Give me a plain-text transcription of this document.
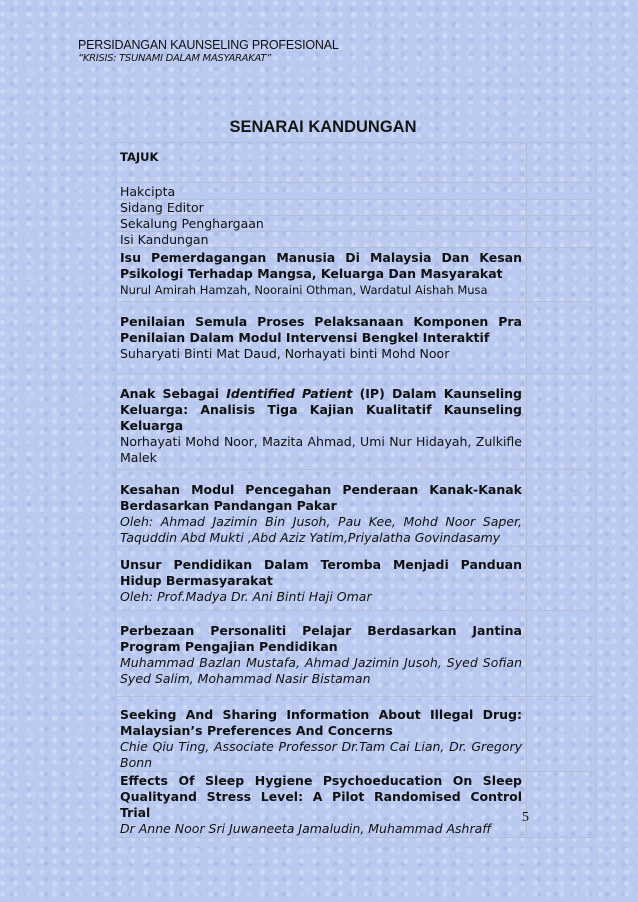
PERSIDANGAN KAUNSELING PROFESIONAL
“KRISIS: TSUNAMI DALAM MASYARAKAT”
SENARAI KANDUNGAN
TAJUK	

Hakcipta	

Sidang Editor	

Sekalung Penghargaan	

Isi Kandungan	

Isu Pemerdagangan Manusia Di Malaysia Dan Kesan Psikologi Terhadap Mangsa, Keluarga Dan Masyarakat
Nurul Amirah Hamzah, Nooraini Othman, Wardatul Aishah Musa	

Penilaian Semula Proses Pelaksanaan Komponen Pra Penilaian Dalam Modul Intervensi Bengkel Interaktif
Suharyati Binti Mat Daud, Norhayati binti Mohd Noor	

Anak Sebagai Identified Patient (IP) Dalam Kaunseling Keluarga: Analisis Tiga Kajian Kualitatif Kaunseling Keluarga
Norhayati Mohd Noor, Mazita Ahmad, Umi Nur Hidayah, Zulkifle Malek	

Kesahan Modul Pencegahan Penderaan Kanak-Kanak Berdasarkan Pandangan Pakar
Oleh: Ahmad Jazimin Bin Jusoh, Pau Kee, Mohd Noor Saper, Taquddin Abd Mukti ,Abd Aziz Yatim,Priyalatha Govindasamy	

Unsur Pendidikan Dalam Teromba Menjadi Panduan Hidup Bermasyarakat
Oleh: Prof.Madya Dr. Ani Binti Haji Omar	

Perbezaan Personaliti Pelajar Berdasarkan Jantina Program Pengajian Pendidikan
Muhammad Bazlan Mustafa, Ahmad Jazimin Jusoh, Syed Sofian Syed Salim, Mohammad Nasir Bistaman	

Seeking And Sharing Information About Illegal Drug: Malaysian’s Preferences And Concerns
Chie Qiu Ting, Associate Professor Dr.Tam Cai Lian, Dr. Gregory Bonn	

Effects Of Sleep Hygiene Psychoeducation On Sleep Qualityand Stress Level: A Pilot Randomised Control Trial
Dr Anne Noor Sri Juwaneeta Jamaludin, Muhammad Ashraff	

5
